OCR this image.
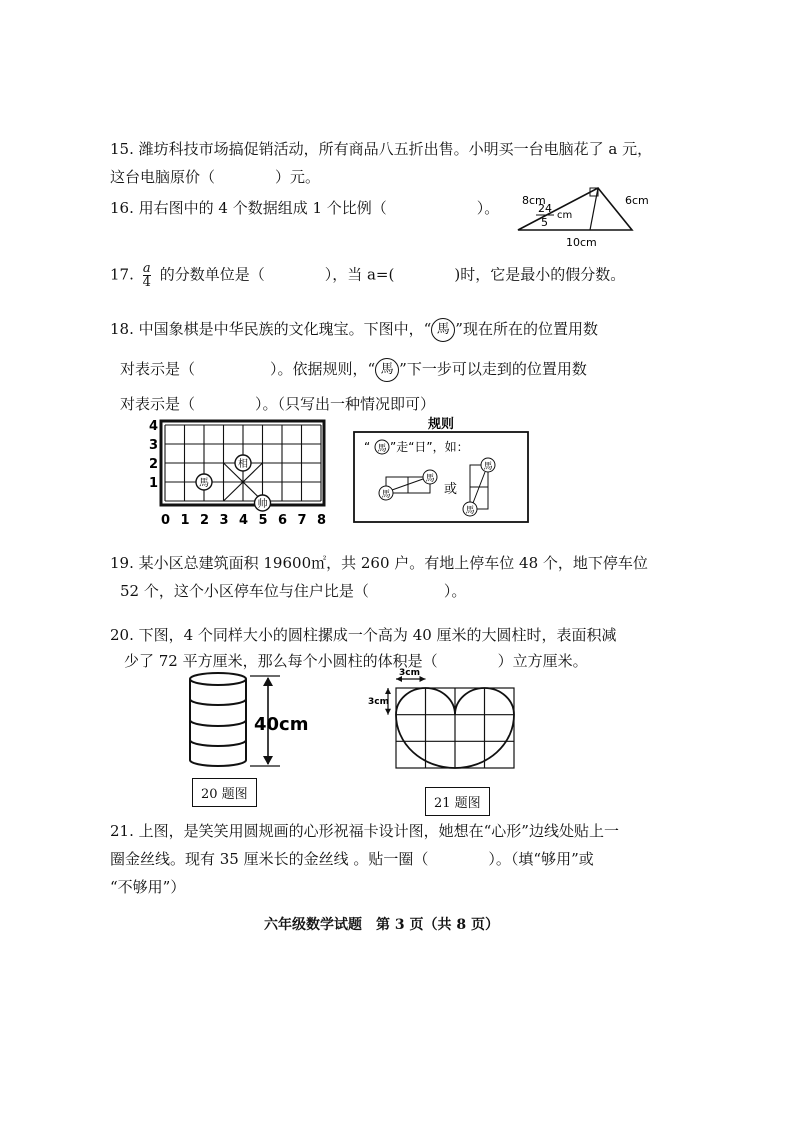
15. 潍坊科技市场搞促销活动，所有商品八五折出售。小明买一台电脑花了 a 元，
这台电脑原价（　　　　）元。
16. 用右图中的 4 个数据组成 1 个比例（　　　　　　）。 8cm	6cm
24
5
cm
10cm
17. $\frac{a}{4}$ 的分数单位是（　　　　），当 a=(　　　　)时，它是最小的假分数。
18. 中国象棋是中华民族的文化瑰宝。下图中，“ 馬 ”现在所在的位置用数
对表示是（　　　　　）。依据规则，“ 馬 ”下一步可以走到的位置用数
对表示是（　　　　）。（只写出一种情况即可）
4
3
2
1
0 1 2 3 4 5 6 7 8
馬
相
帅
规则
“ 馬 ”走“日”，如：
馬
馬
或
馬
馬
19. 某小区总建筑面积 19600㎡，共 260 户。有地上停车位 48 个，地下停车位
52 个，这个小区停车位与住户比是（　　　　　）。
20. 下图，4 个同样大小的圆柱摞成一个高为 40 厘米的大圆柱时，表面积减
少了 72 平方厘米，那么每个小圆柱的体积是（　　　　）立方厘米。
40cm
20 题图
3cm
3cm
21 题图
21. 上图，是笑笑用圆规画的心形祝福卡设计图，她想在“心形”边线处贴上一
圈金丝线。现有 35 厘米长的金丝线 。贴一圈（　　　　）。（填“够用”或
“不够用”）
六年级数学试题　第 3 页（共 8 页）
